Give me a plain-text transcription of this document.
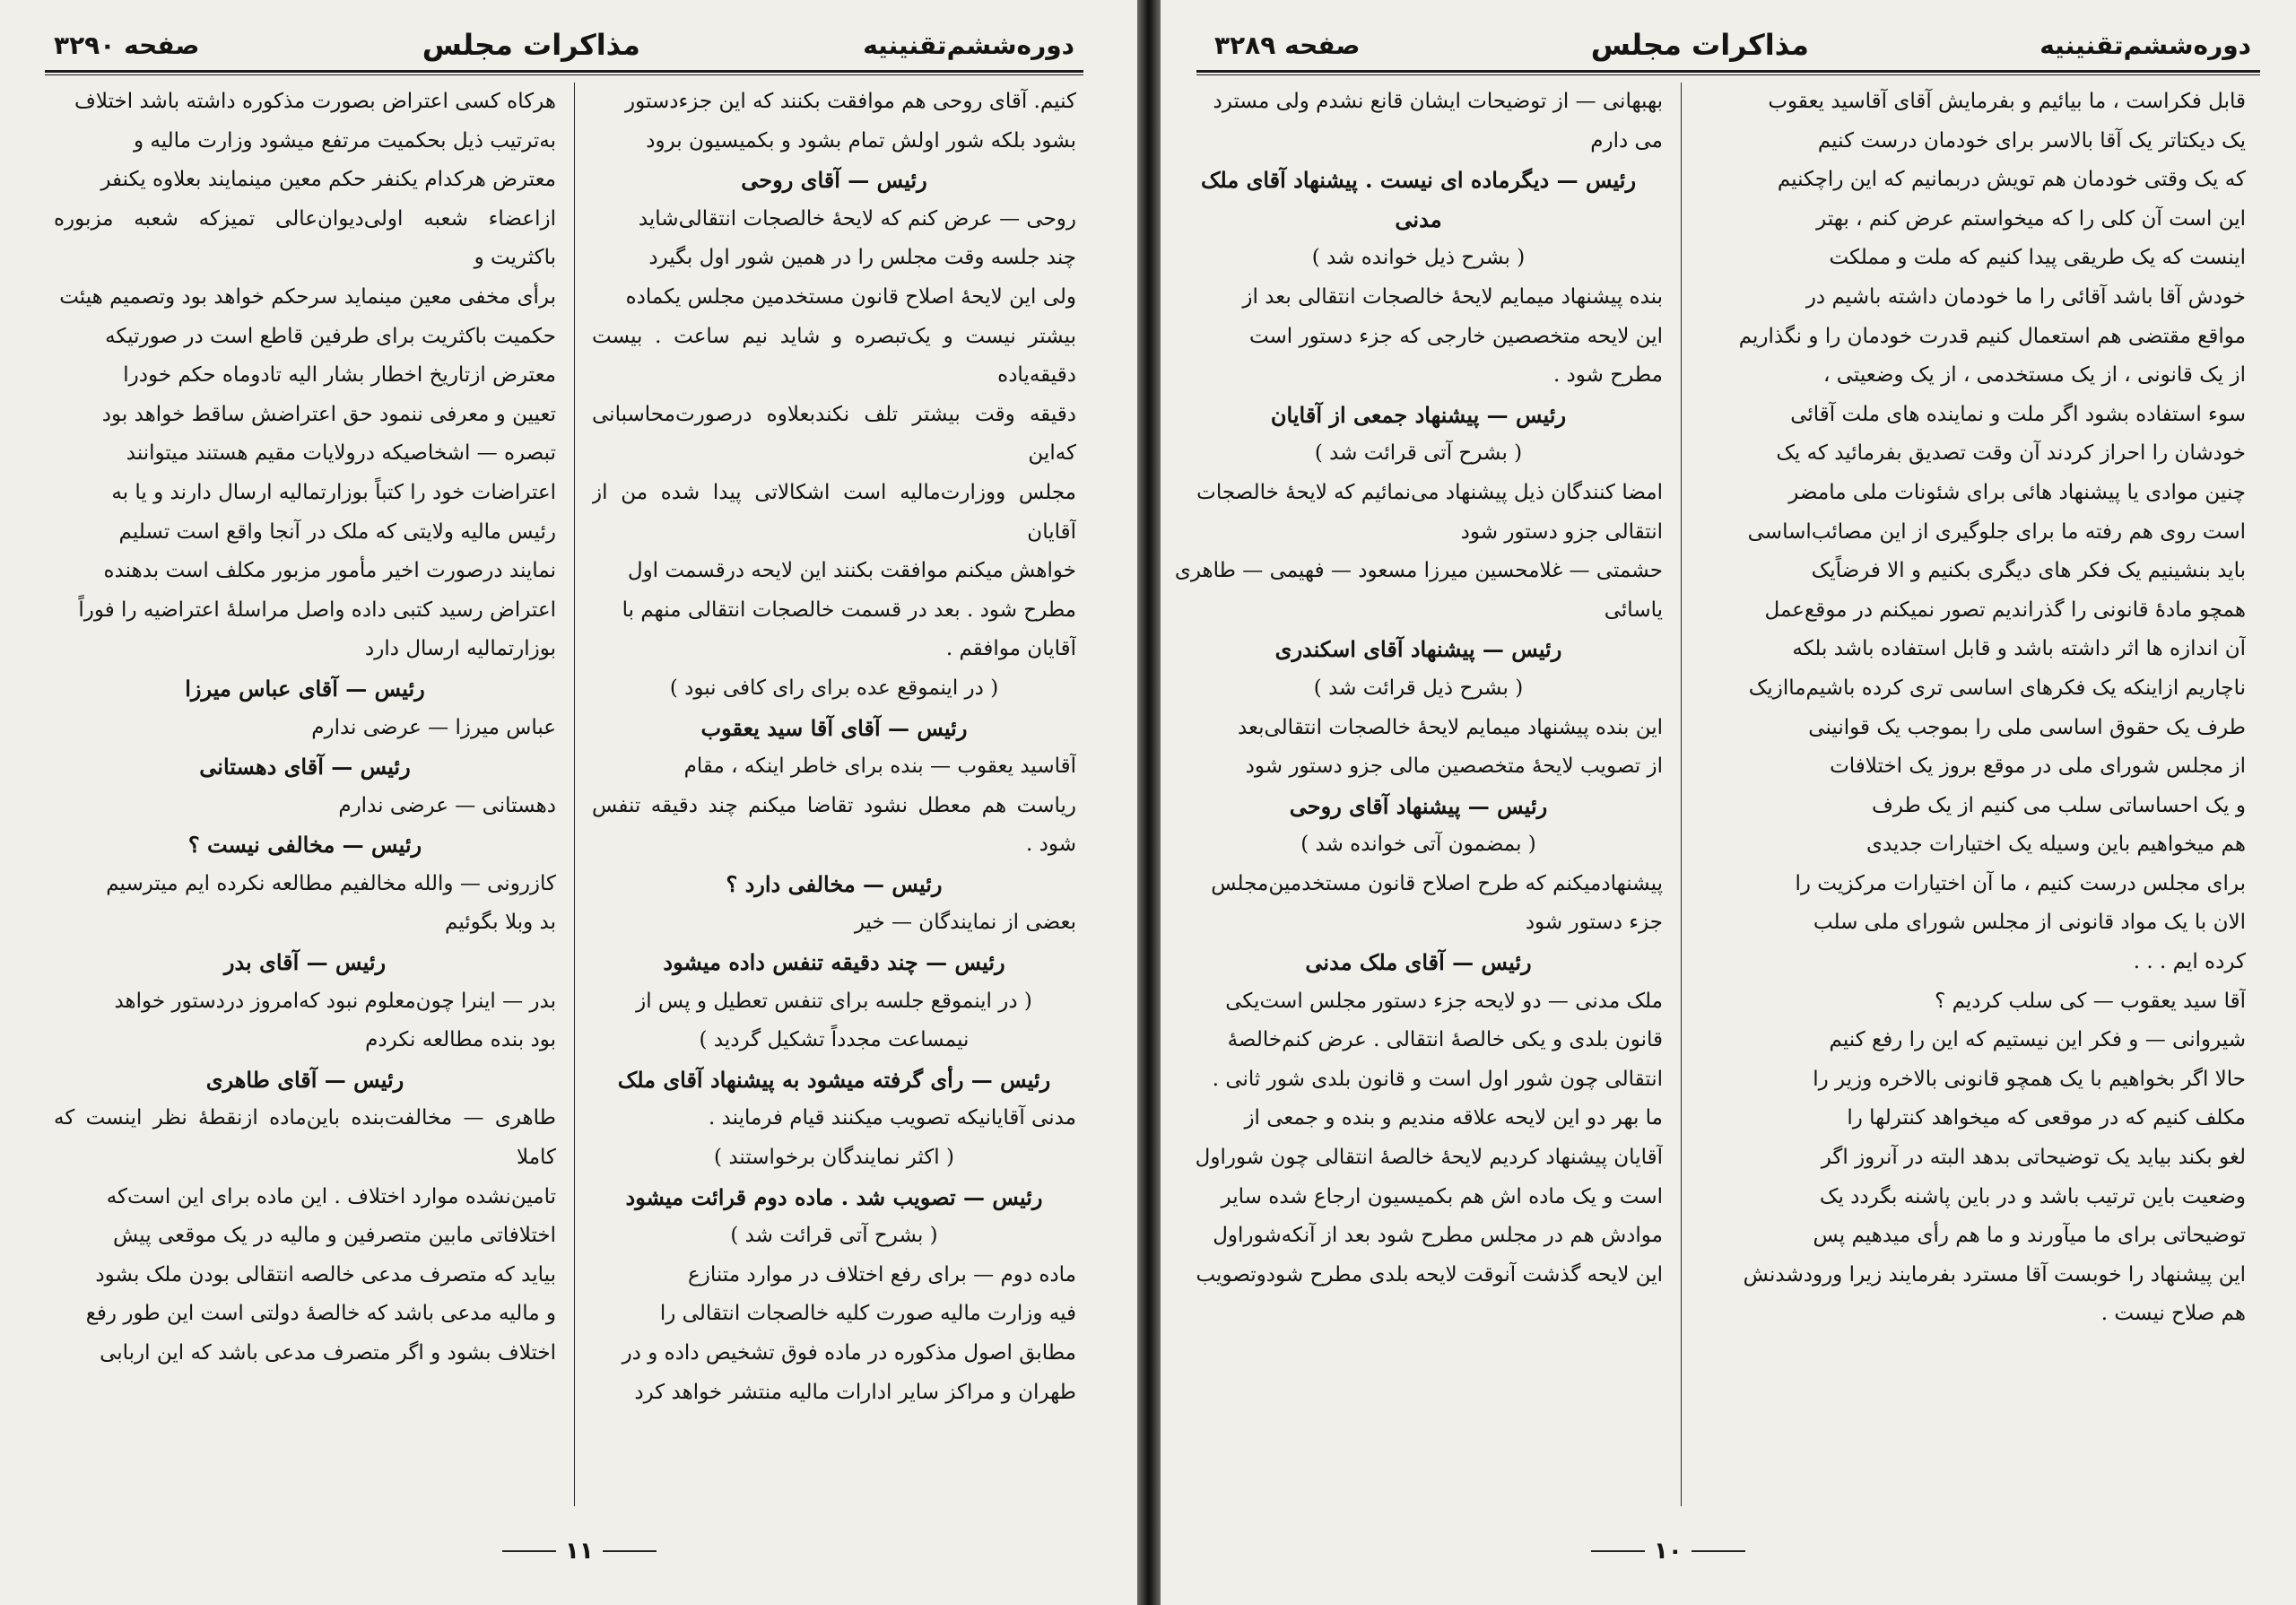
صفحه ۳۲۹۰	مذاکرات مجلس	دوره‌ششم‌تقنینیه

کنیم. آقای روحی هم موافقت بکنند که این جزء‌دستور

بشود بلکه شور اولش تمام بشود و بکمیسیون برود

رئیس — آقای روحی

روحی — عرض کنم که لایحهٔ خالصجات انتقالی‌شاید

چند جلسه وقت مجلس را در همین شور اول بگیرد

ولی این لایحهٔ اصلاح قانون مستخدمین مجلس یکماده

بیشتر نیست و یک‌تبصره و شاید نیم ساعت . بیست دقیقه‌یاده

دقیقه وقت بیشتر تلف نکند‌بعلاوه درصورت‌محاسبانی که‌این

مجلس ووزارت‌مالیه است اشکالاتی پیدا شده من از آقایان

خواهش میکنم موافقت بکنند این لایحه درقسمت اول

مطرح شود . بعد در قسمت خالصجات انتقالی منهم با

آقایان موافقم .

( در اینموقع عده برای رای کافی نبود )

رئیس — آقای آقا سید یعقوب

آقاسید یعقوب — بنده برای خاطر اینکه ، مقام

ریاست هم معطل نشود تقاضا میکنم چند دقیقه تنفس شود .

رئیس — مخالفی دارد ؟

بعضی از نمایندگان — خیر

رئیس — چند دقیقه تنفس داده میشود

( در اینموقع جلسه برای تنفس تعطیل و پس از

نیمساعت مجدداً تشکیل گردید )

رئیس — رأی گرفته میشود به پیشنهاد آقای ملک

مدنی آقایانیکه تصویب میکنند قیام فرمایند .

( اکثر نمایندگان برخواستند )

رئیس — تصویب شد . ماده دوم قرائت میشود

( بشرح آتی قرائت شد )

ماده دوم — برای رفع اختلاف در موارد متنازع

فیه وزارت مالیه صورت کلیه خالصجات انتقالی را

مطابق اصول مذکوره در ماده فوق تشخیص داده و در

طهران و مراکز سایر ادارات مالیه منتشر خواهد کرد

هرکاه کسی اعتراض بصورت مذکوره داشته باشد اختلاف

به‌ترتیب ذیل بحکمیت مرتفع میشود وزارت مالیه و

معترض هرکدام یکنفر حکم معین مینمایند بعلاوه یکنفر

ازاعضاء شعبه اولی‌دیوان‌عالی تمیزکه شعبه مزبوره با‌کثریت و

برأی مخفی معین مینماید سرحکم خواهد بود وتصمیم هیئت

حکمیت باکثریت برای طرفین قاطع است در صورتیکه

معترض ازتاریخ اخطار بشار الیه تادوماه حکم خودرا

تعیین و معرفی ننمود حق اعتراضش ساقط خواهد بود

تبصره — اشخاصیکه درولایات مقیم هستند میتوانند

اعتراضات خود را کتباً بوزارتمالیه ارسال دارند و یا به

رئیس مالیه ولایتی که ملک در آنجا واقع است تسلیم

نمایند درصورت اخیر مأمور مزبور مکلف است بدهنده

اعتراض رسید کتبی داده واصل مراسلهٔ اعتراضیه را فوراً

بوزارتمالیه ارسال دارد

رئیس — آقای عباس میرزا

عباس میرزا — عرضی ندارم

رئیس — آقای دهستانی

دهستانی — عرضی ندارم

رئیس — مخالفی نیست ؟

کازرونی — والله مخالفیم مطالعه نکرده ایم میترسیم

بد وبلا بگوئیم

رئیس — آقای بدر

بدر — اینرا چون‌معلوم نبود که‌امروز دردستور خواهد

بود بنده مطالعه نکردم

رئیس — آقای طاهری

طاهری — مخالفت‌بنده باین‌ماده ازنقطهٔ نظر اینست که کاملا

تامین‌نشده موارد اختلاف . این ماده برای این است‌که

اختلافاتی مابین متصرفین و مالیه در یک موقعی پیش

بیاید که متصرف مدعی خالصه انتقالی بودن ملک بشود

و مالیه مدعی باشد که خالصهٔ دولتی است این طور رفع

اختلاف بشود و اگر متصرف مدعی باشد که این اربابی

۱۱
صفحه ۳۲۸۹	مذاکرات مجلس	دوره‌ششم‌تقنینیه

قابل فکراست ، ما بیائیم و بفرمایش آقای آقاسید یعقوب

یک دیکتاتر یک آقا بالاسر برای خودمان درست کنیم

که یک وقتی خودمان هم تویش دربمانیم که این راچکنیم

این است آن کلی را که میخواستم عرض کنم ، بهتر

اینست که یک طریقی پیدا کنیم که ملت و مملکت

خودش آقا باشد آقائی را ما خودمان داشته باشیم در

مواقع مقتضی هم استعمال کنیم قدرت خودمان را و نگذاریم

از یک قانونی ، از یک مستخدمی ، از یک وضعیتی ،

سوء استفاده بشود اگر ملت و نماینده های ملت آقائی

خودشان را احراز کردند آن وقت تصدیق بفرمائید که یک

چنین موادی یا پیشنهاد هائی برای شئونات ملی مامضر

است روی هم رفته ما برای جلوگیری از این مصائب‌اساسی

باید بنشینیم یک فکر های دیگری بکنیم و الا فرضاًیک

همچو مادهٔ قانونی را گذراندیم تصور نمیکنم در موقع‌عمل

آن اندازه ها اثر داشته باشد و قابل استفاده باشد بلکه

ناچاریم ازاینکه یک فکرهای اساسی تری کرده باشیم‌مااز‌یک

طرف یک حقوق اساسی ملی را بموجب یک قوانینی

از مجلس شورای ملی در موقع بروز یک اختلافات

و یک احساساتی سلب می کنیم از یک طرف

هم میخواهیم باین وسیله یک اختیارات جدیدی

برای مجلس درست کنیم ، ما آن اختیارات مرکزیت را

الان با یک مواد قانونی از مجلس شورای ملی سلب

کرده ایم . . .

آقا سید یعقوب — کی سلب کردیم ؟

شیروانی — و فکر این نیستیم که این را رفع کنیم

حالا اگر بخواهیم با یک همچو قانونی بالاخره وزیر را

مکلف کنیم که در موقعی که میخواهد کنترلها را

لغو بکند بیاید یک توضیحاتی بدهد البته در آنروز اگر

وضعیت باین ترتیب باشد و در باین پاشنه بگردد یک

توضیحاتی برای ما میآورند و ما هم رأی میدهیم پس

این پیشنهاد را خوبست آقا مسترد بفرمایند زیرا ورودشدنش

هم صلاح نیست .

بهبهانی — از توضیحات ایشان قانع نشدم ولی مسترد

می دارم

رئیس — دیگرماده ای نیست . پیشنهاد آقای ملک مدنی

( بشرح ذیل خوانده شد )

بنده پیشنهاد میمایم لایحهٔ خالصجات انتقالی بعد از

این لایحه متخصصین خارجی که جزء دستور است

مطرح شود .

رئیس — پیشنهاد جمعی از آقایان

( بشرح آتی قرائت شد )

امضا کنندگان ذیل پیشنهاد می‌نمائیم که لایحهٔ خالصجات

انتقالی جزو دستور شود

حشمتی — غلامحسین میرزا مسعود — فهیمی — طاهری

یاسائی

رئیس — پیشنهاد آقای اسکندری

( بشرح ذیل قرائت شد )

این بنده پیشنهاد میمایم لایحهٔ خالصجات انتقالی‌بعد

از تصویب لایحهٔ متخصصین مالی جزو دستور شود

رئیس — پیشنهاد آقای روحی

( بمضمون آتی خوانده شد )

پیشنهادمیکنم که طرح اصلاح قانون مستخدمین‌مجلس

جزء دستور شود

رئیس — آقای ملک مدنی

ملک مدنی — دو لایحه جزء دستور مجلس است‌یکی

قانون بلدی و یکی خالصهٔ انتقالی . عرض کنم‌خالصهٔ

انتقالی چون شور اول است و قانون بلدی شور ثانی .

ما بهر دو این لایحه علاقه مندیم و بنده و جمعی از

آقایان پیشنهاد کردیم لایحهٔ خالصهٔ انتقالی چون شوراول

است و یک ماده اش هم بکمیسیون ارجاع شده سایر

موادش هم در مجلس مطرح شود بعد از آنکه‌شوراول

این لایحه گذشت آنوقت لایحه بلدی مطرح شود‌وتصویب

۱۰
